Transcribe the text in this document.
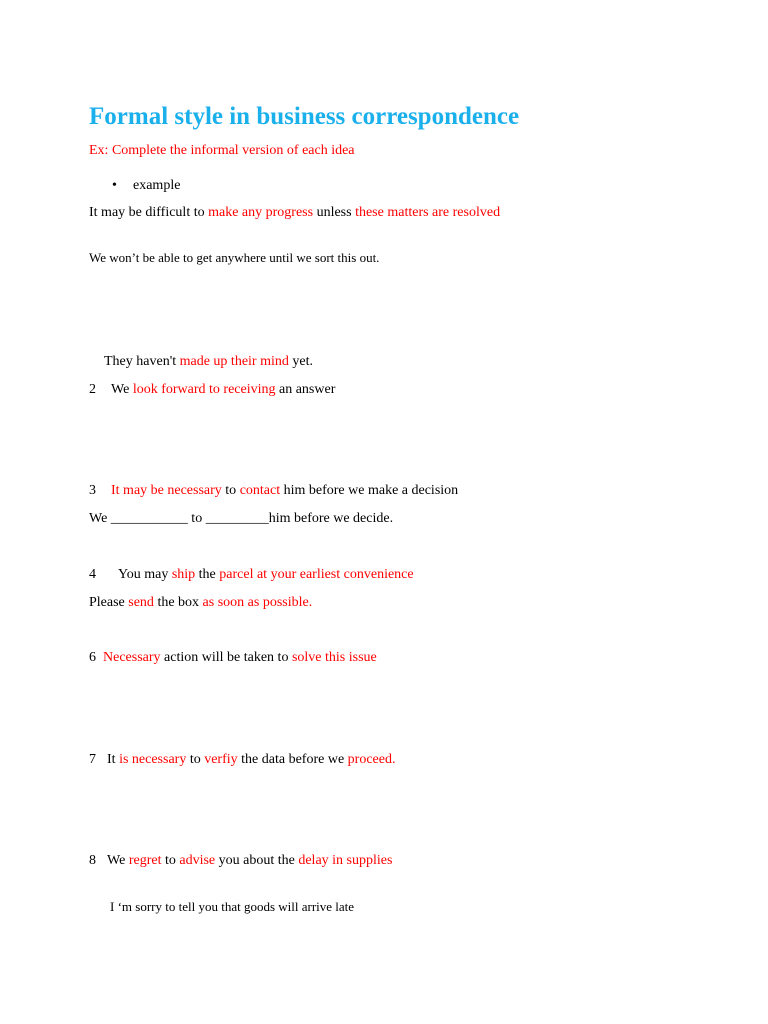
Formal style in business correspondence
Ex: Complete the informal version of each idea
• example
It may be difficult to make any progress unless these matters are resolved
We won’t be able to get anywhere until we sort this out.
They haven't made up their mind yet.
2 We look forward to receiving an answer
3 It may be necessary to contact him before we make a decision
We ___________ to _________him before we decide.
4 You may ship the parcel at your earliest convenience
Please send the box as soon as possible.
6 Necessary action will be taken to solve this issue
7 It is necessary to verfiy the data before we proceed.
8 We regret to advise you about the delay in supplies
I ‘m sorry to tell you that goods will arrive late
